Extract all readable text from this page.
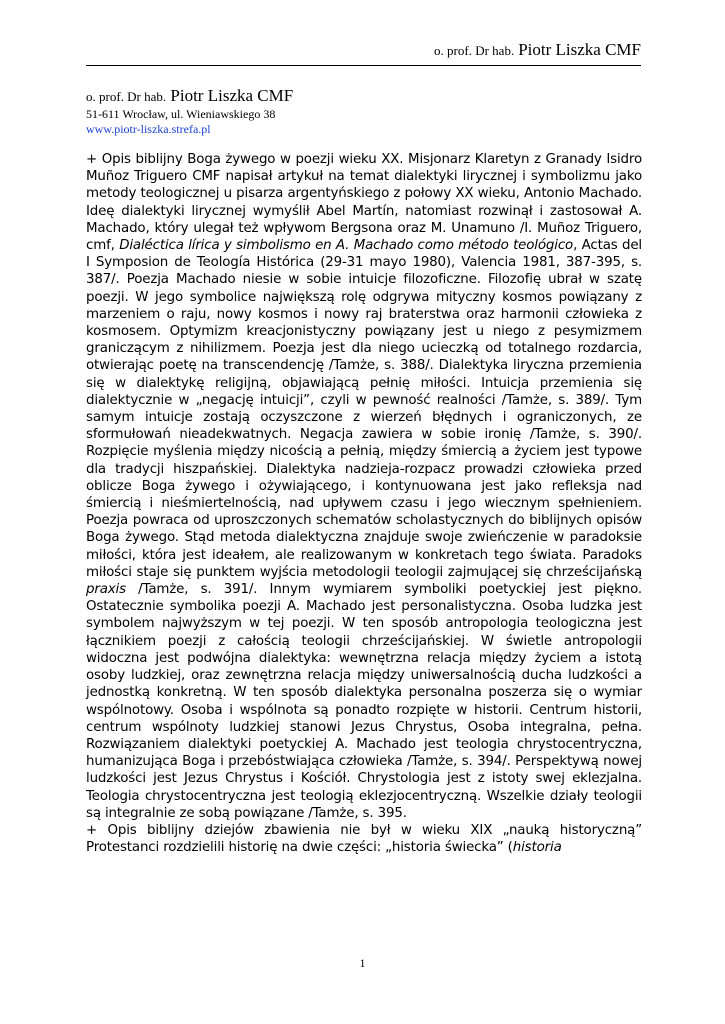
o. prof. Dr hab. Piotr Liszka CMF
o. prof. Dr hab. Piotr Liszka CMF
51-611 Wrocław, ul. Wieniawskiego 38
www.piotr-liszka.strefa.pl

+ Opis biblijny Boga żywego w poezji wieku XX. Misjonarz Klaretyn z Granady Isidro Muñoz Triguero CMF napisał artykuł na temat dialektyki lirycznej i symbolizmu jako metody teologicznej u pisarza argentyńskiego z połowy XX wieku, Antonio Machado. Ideę dialektyki lirycznej wymyślił Abel Martín, natomiast rozwinął i zastosował A. Machado, który ulegał też wpływom Bergsona oraz M. Unamuno /I. Muñoz Triguero, cmf, Dialéctica lírica y simbolismo en A. Machado como método teológico, Actas del I Symposion de Teología Histórica (29-31 mayo 1980), Valencia 1981, 387-395, s. 387/. Poezja Machado niesie w sobie intuicje filozoficzne. Filozofię ubrał w szatę poezji. W jego symbolice największą rolę odgrywa mityczny kosmos powiązany z marzeniem o raju, nowy kosmos i nowy raj braterstwa oraz harmonii człowieka z kosmosem. Optymizm kreacjonistyczny powiązany jest u niego z pesymizmem graniczącym z nihilizmem. Poezja jest dla niego ucieczką od totalnego rozdarcia, otwierając poetę na transcendencję /Tamże, s. 388/. Dialektyka liryczna przemienia się w dialektykę religijną, objawiającą pełnię miłości. Intuicja przemienia się dialektycznie w „negację intuicji”, czyli w pewność realności /Tamże, s. 389/. Tym samym intuicje zostają oczyszczone z wierzeń błędnych i ograniczonych, ze sformułowań nieadekwatnych. Negacja zawiera w sobie ironię /Tamże, s. 390/. Rozpięcie myślenia między nicością a pełnią, między śmiercią a życiem jest typowe dla tradycji hiszpańskiej. Dialektyka nadzieja-rozpacz prowadzi człowieka przed oblicze Boga żywego i ożywiającego, i kontynuowana jest jako refleksja nad śmiercią i nieśmiertelnością, nad upływem czasu i jego wiecznym spełnieniem. Poezja powraca od uproszczonych schematów scholastycznych do biblijnych opisów Boga żywego. Stąd metoda dialektyczna znajduje swoje zwieńczenie w paradoksie miłości, która jest ideałem, ale realizowanym w konkretach tego świata. Paradoks miłości staje się punktem wyjścia metodologii teologii zajmującej się chrześcijańską praxis /Tamże, s. 391/. Innym wymiarem symboliki poetyckiej jest piękno. Ostatecznie symbolika poezji A. Machado jest personalistyczna. Osoba ludzka jest symbolem najwyższym w tej poezji. W ten sposób antropologia teologiczna jest łącznikiem poezji z całością teologii chrześcijańskiej. W świetle antropologii widoczna jest podwójna dialektyka: wewnętrzna relacja między życiem a istotą osoby ludzkiej, oraz zewnętrzna relacja między uniwersalnością ducha ludzkości a jednostką konkretną. W ten sposób dialektyka personalna poszerza się o wymiar wspólnotowy. Osoba i wspólnota są ponadto rozpięte w historii. Centrum historii, centrum wspólnoty ludzkiej stanowi Jezus Chrystus, Osoba integralna, pełna. Rozwiązaniem dialektyki poetyckiej A. Machado jest teologia chrystocentryczna, humanizująca Boga i przebóstwiająca człowieka /Tamże, s. 394/. Perspektywą nowej ludzkości jest Jezus Chrystus i Kościół. Chrystologia jest z istoty swej eklezjalna. Teologia chrystocentryczna jest teologią eklezjocentryczną. Wszelkie działy teologii są integralnie ze sobą powiązane /Tamże, s. 395.

+ Opis biblijny dziejów zbawienia nie był w wieku XIX „nauką historyczną” Protestanci rozdzielili historię na dwie części: „historia świecka” (historia

1
